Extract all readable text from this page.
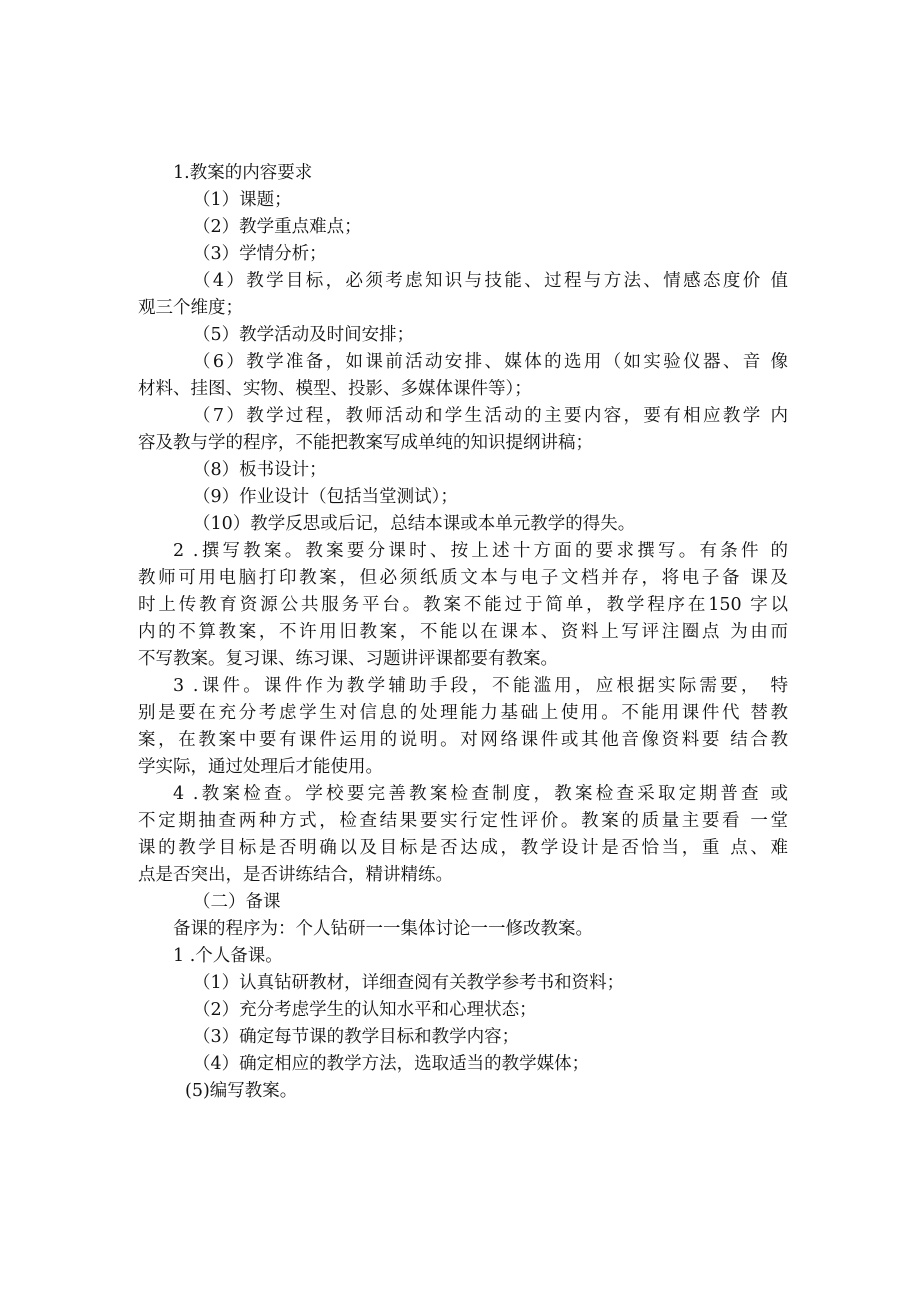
1.教案的内容要求
（1）课题；
（2）教学重点难点；
（3）学情分析；
（4）教学目标，必须考虑知识与技能、过程与方法、情感态度价 值
观三个维度；
（5）教学活动及时间安排；
（6）教学准备，如课前活动安排、媒体的选用（如实验仪器、音 像
材料、挂图、实物、模型、投影、多媒体课件等）；
（7）教学过程，教师活动和学生活动的主要内容，要有相应教学 内
容及教与学的程序，不能把教案写成单纯的知识提纲讲稿；
（8）板书设计；
（9）作业设计（包括当堂测试）；
（10）教学反思或后记，总结本课或本单元教学的得失。
2 .撰写教案。教案要分课时、按上述十方面的要求撰写。有条件 的
教师可用电脑打印教案，但必须纸质文本与电子文档并存，将电子备 课及
时上传教育资源公共服务平台。教案不能过于简单，教学程序在150 字以
内的不算教案，不许用旧教案，不能以在课本、资料上写评注圈点 为由而
不写教案。复习课、练习课、习题讲评课都要有教案。
3 .课件。课件作为教学辅助手段，不能滥用，应根据实际需要， 特
别是要在充分考虑学生对信息的处理能力基础上使用。不能用课件代 替教
案，在教案中要有课件运用的说明。对网络课件或其他音像资料要 结合教
学实际，通过处理后才能使用。
4 .教案检查。学校要完善教案检查制度，教案检查采取定期普查 或
不定期抽查两种方式，检查结果要实行定性评价。教案的质量主要看 一堂
课的教学目标是否明确以及目标是否达成，教学设计是否恰当，重 点、难
点是否突出，是否讲练结合，精讲精练。
（二）备课
备课的程序为：个人钻研一一集体讨论一一修改教案。
1 .个人备课。
（1）认真钻研教材，详细查阅有关教学参考书和资料；
（2）充分考虑学生的认知水平和心理状态；
（3）确定每节课的教学目标和教学内容；
（4）确定相应的教学方法，选取适当的教学媒体；
(5)编写教案。
